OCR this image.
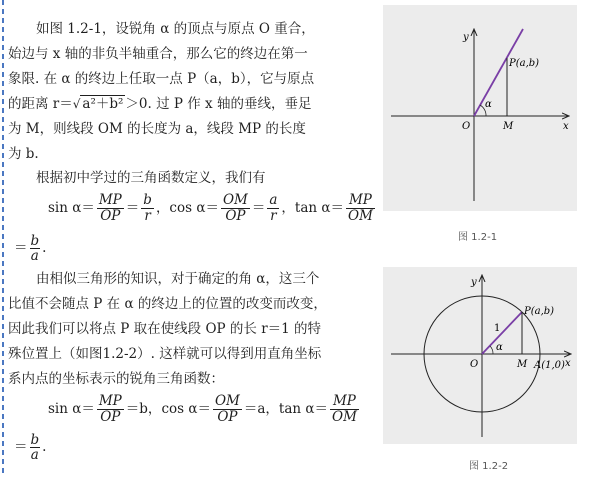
如图 1.2-1，设锐角 α 的顶点与原点 O 重合，
始边与 x 轴的非负半轴重合，那么它的终边在第一
象限. 在 α 的终边上任取一点 P（a，b），它与原点
的距离 r＝√ a²＋b² ＞0. 过 P 作 x 轴的垂线，垂足
为 M，则线段 OM 的长度为 a，线段 MP 的长度
为 b.
根据初中学过的三角函数定义，我们有
$\sin \alpha= \frac{MP}{OP} = \frac{b}{r}$ ，$\cos \alpha= \frac{OM}{OP} = \frac{a}{r}$ ，$\tan \alpha= \frac{MP}{OM}$
＝ $\frac{b}{a}$ .
由相似三角形的知识，对于确定的角 α，这三个
比值不会随点 P 在 α 的终边上的位置的改变而改变，
因此我们可以将点 P 取在使线段 OP 的长 r＝1 的特
殊位置上（如图1.2-2）. 这样就可以得到用直角坐标
系内点的坐标表示的锐角三角函数：
$\sin \alpha= \frac{MP}{OP} =b$，$\cos \alpha= \frac{OM}{OP} =a$，$\tan \alpha= \frac{MP}{OM}$
＝ $\frac{b}{a}$ .
y
x
O	M
P(a,b)
α
图 1.2-1
y
x
O	M
P(a,b)
α
A(1,0)
1
图 1.2-2
